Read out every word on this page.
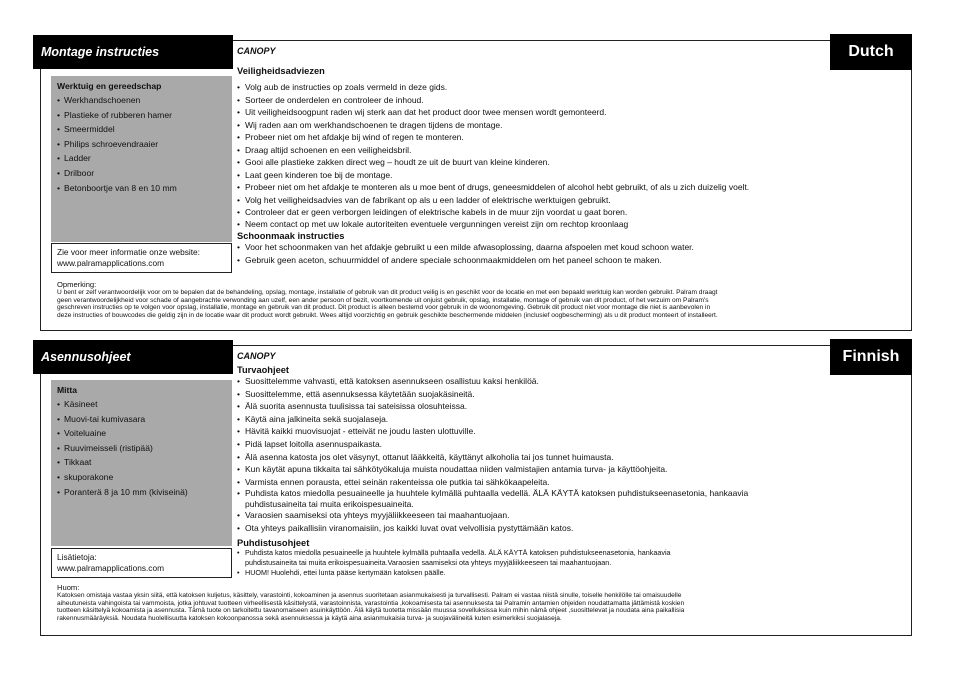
Montage instructies	Dutch
Werktuig en gereedschap
• Werkhandschoenen
• Plastieke of rubberen hamer
• Smeermiddel
• Philips schroevendraaier
• Ladder
• Drilboor
• Betonboortje van 8 en 10 mm
Zie voor meer informatie onze website:
www.palramapplications.com
CANOPY
Veiligheidsadviezen
• Volg aub de instructies op zoals vermeld in deze gids.
• Sorteer de onderdelen en controleer de inhoud.
• Uit veiligheidsoogpunt raden wij sterk aan dat het product door twee mensen wordt gemonteerd.
• Wij raden aan om werkhandschoenen te dragen tijdens de montage.
• Probeer niet om het afdakje bij wind of regen te monteren.
• Draag altijd schoenen en een veiligheidsbril.
• Gooi alle plastieke zakken direct weg – houdt ze uit de buurt van kleine kinderen.
• Laat geen kinderen toe bij de montage.
• Probeer niet om het afdakje te monteren als u moe bent of drugs, geneesmiddelen of alcohol hebt gebruikt, of als u zich duizelig voelt.
• Volg het veiligheidsadvies van de fabrikant op als u een ladder of elektrische werktuigen gebruikt.
• Controleer dat er geen verborgen leidingen of elektrische kabels in de muur zijn voordat u gaat boren.
• Neem contact op met uw lokale autoriteiten eventuele vergunningen vereist zijn om rechtop kroonlaag
Schoonmaak instructies
• Voor het schoonmaken van het afdakje gebruikt u een milde afwasoplossing, daarna afspoelen met koud schoon water.
• Gebruik geen aceton, schuurmiddel of andere speciale schoonmaakmiddelen om het paneel schoon te maken.
Opmerking:
U bent er zelf verantwoordelijk voor om te bepalen dat de behandeling, opslag, montage, installatie of gebruik van dit product veilig is en geschikt voor de locatie en met een bepaald werktuig kan worden gebruikt. Palram draagt
geen verantwoordelijkheid voor schade of aangebrachte verwonding aan uzelf, een ander persoon of bezit, voortkomende uit onjuist gebruik, opslag, installatie, montage of gebruik van dit product, of het verzuim om Palram's
geschreven instructies op te volgen voor opslag, installatie, montage en gebruik van dit product. Dit product is alleen bestemd voor gebruik in de woonomgeving. Gebruik dit product niet voor montage die niet is aanbevolen in
deze instructies of bouwcodes die geldig zijn in de locatie waar dit product wordt gebruikt. Wees altijd voorzichtig en gebruik geschikte beschermende middelen (inclusief oogbescherming) als u dit product monteert of installeert.
Asennusohjeet	Finnish
Mitta
• Käsineet
• Muovi-tai kumivasara
• Voiteluaine
• Ruuvimeisseli (ristipää)
• Tikkaat
• skuporakone
• Poranterä 8 ja 10 mm (kiviseinä)
Lisätietoja:
www.palramapplications.com
CANOPY
Turvaohjeet
• Suosittelemme vahvasti, että katoksen asennukseen osallistuu kaksi henkilöä.
• Suosittelemme, että asennuksessa käytetään suojakäsineitä.
• Älä suorita asennusta tuulisissa tai sateisissa olosuhteissa.
• Käytä aina jalkineita sekä suojalaseja.
• Hävitä kaikki muovisuojat - etteivät ne joudu lasten ulottuville.
• Pidä lapset loitolla asennuspaikasta.
• Älä asenna katosta jos olet väsynyt, ottanut lääkkeitä, käyttänyt alkoholia tai jos tunnet huimausta.
• Kun käytät apuna tikkaita tai sähkötyökaluja muista noudattaa niiden valmistajien antamia turva- ja käyttöohjeita.
• Varmista ennen porausta, ettei seinän rakenteissa ole putkia tai sähkökaapeleita.
• Puhdista katos miedolla pesuaineelle ja huuhtele kylmällä puhtaalla vedellä. ÄLÄ KÄYTÄ katoksen puhdistukseenasetonia, hankaavia puhdistusaineita tai muita erikoispesuaineita.
• Varaosien saamiseksi ota yhteys myyjäliikkeeseen tai maahantuojaan.
• Ota yhteys paikallisiin viranomaisiin, jos kaikki luvat ovat velvollisia pystyttämään katos.
Puhdistusohjeet
• Puhdista katos miedolla pesuaineelle ja huuhtele kylmällä puhtaalla vedellä. ÄLÄ KÄYTÄ katoksen puhdistukseenasetonia, hankaavia puhdistusaineita tai muita erikoispesuaineita.Varaosien saamiseksi ota yhteys myyjäliikkeeseen tai maahantuojaan.
• HUOM! Huolehdi, ettei lunta pääse kertymään katoksen päälle.
Huom:
Katoksen omistaja vastaa yksin siitä, että katoksen kuljetus, käsittely, varastointi, kokoaminen ja asennus suoritetaan asianmukaisesti ja turvallisesti. Palram ei vastaa niistä sinulle, toiselle henkilölle tai omaisuudelle
aiheutuneista vahingoista tai vammoista, jotka johtuvat tuotteen virheellisestä käsittelystä, varastoinnista, varastointia ,kokoamisesta tai asennuksesta tai Palramin antamien ohjeiden noudattamatta jättämistä koskien
tuotteen käsittelyä kokoamista ja asennusta. Tämä tuote on tarkoitettu tavanomaiseen asuinkäyttöön. Älä käytä tuotetta missään muussa sovelluksissa kuin mihin nämä ohjeet ,suosittelevat ja noudata aina paikallisia
rakennusmääräyksiä. Noudata huolellisuutta katoksen kokoonpanossa sekä asennuksessa ja käytä aina asianmukaisia turva- ja suojavälineitä kuten esimerkiksi suojalaseja.
